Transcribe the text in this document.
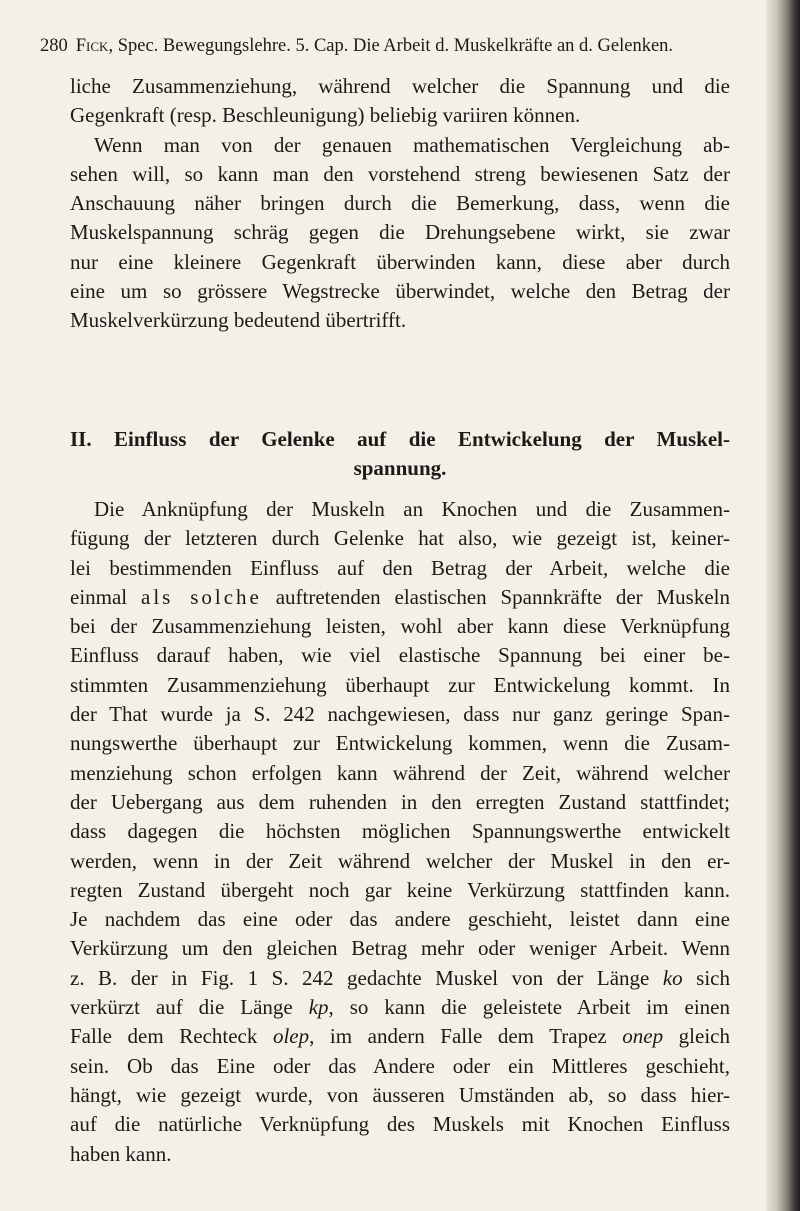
280 Fick, Spec. Bewegungslehre. 5. Cap. Die Arbeit d. Muskelkräfte an d. Gelenken.
liche Zusammenziehung, während welcher die Spannung und die
Gegenkraft (resp. Beschleunigung) beliebig variiren können.
Wenn man von der genauen mathematischen Vergleichung ab-
sehen will, so kann man den vorstehend streng bewiesenen Satz der
Anschauung näher bringen durch die Bemerkung, dass, wenn die
Muskelspannung schräg gegen die Drehungsebene wirkt, sie zwar
nur eine kleinere Gegenkraft überwinden kann, diese aber durch
eine um so grössere Wegstrecke überwindet, welche den Betrag der
Muskelverkürzung bedeutend übertrifft.
II. Einfluss der Gelenke auf die Entwickelung der Muskel-
spannung.
Die Anknüpfung der Muskeln an Knochen und die Zusammen-
fügung der letzteren durch Gelenke hat also, wie gezeigt ist, keiner-
lei bestimmenden Einfluss auf den Betrag der Arbeit, welche die
einmal als solche auftretenden elastischen Spannkräfte der Muskeln
bei der Zusammenziehung leisten, wohl aber kann diese Verknüpfung
Einfluss darauf haben, wie viel elastische Spannung bei einer be-
stimmten Zusammenziehung überhaupt zur Entwickelung kommt. In
der That wurde ja S. 242 nachgewiesen, dass nur ganz geringe Span-
nungswerthe überhaupt zur Entwickelung kommen, wenn die Zusam-
menziehung schon erfolgen kann während der Zeit, während welcher
der Uebergang aus dem ruhenden in den erregten Zustand stattfindet;
dass dagegen die höchsten möglichen Spannungswerthe entwickelt
werden, wenn in der Zeit während welcher der Muskel in den er-
regten Zustand übergeht noch gar keine Verkürzung stattfinden kann.
Je nachdem das eine oder das andere geschieht, leistet dann eine
Verkürzung um den gleichen Betrag mehr oder weniger Arbeit. Wenn
z. B. der in Fig. 1 S. 242 gedachte Muskel von der Länge ko sich
verkürzt auf die Länge kp, so kann die geleistete Arbeit im einen
Falle dem Rechteck olep, im andern Falle dem Trapez onep gleich
sein. Ob das Eine oder das Andere oder ein Mittleres geschieht,
hängt, wie gezeigt wurde, von äusseren Umständen ab, so dass hier-
auf die natürliche Verknüpfung des Muskels mit Knochen Einfluss
haben kann.
